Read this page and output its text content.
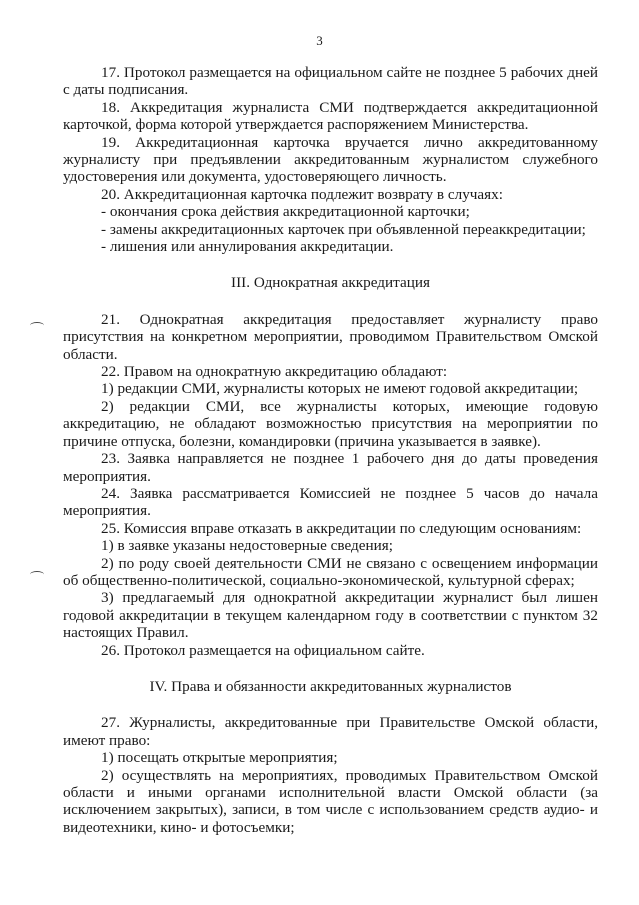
3

17. Протокол размещается на официальном сайте не позднее 5 рабочих дней с даты подписания.

18. Аккредитация журналиста СМИ подтверждается аккредитационной карточкой, форма которой утверждается распоряжением Министерства.

19. Аккредитационная карточка вручается лично аккредитованному журналисту при предъявлении аккредитованным журналистом служебного удостоверения или документа, удостоверяющего личность.

20. Аккредитационная карточка подлежит возврату в случаях:

- окончания срока действия аккредитационной карточки;

- замены аккредитационных карточек при объявленной переаккредитации;

- лишения или аннулирования аккредитации.

III. Однократная аккредитация

21. Однократная аккредитация предоставляет журналисту право присутствия на конкретном мероприятии, проводимом Правительством Омской области.

22. Правом на однократную аккредитацию обладают:

1) редакции СМИ, журналисты которых не имеют годовой аккредитации;

2) редакции СМИ, все журналисты которых, имеющие годовую аккредитацию, не обладают возможностью присутствия на мероприятии по причине отпуска, болезни, командировки (причина указывается в заявке).

23. Заявка направляется не позднее 1 рабочего дня до даты проведения мероприятия.

24. Заявка рассматривается Комиссией не позднее 5 часов до начала мероприятия.

25. Комиссия вправе отказать в аккредитации по следующим основаниям:

1) в заявке указаны недостоверные сведения;

2) по роду своей деятельности СМИ не связано с освещением информации об общественно-политической, социально-экономической, культурной сферах;

3) предлагаемый для однократной аккредитации журналист был лишен годовой аккредитации в текущем календарном году в соответствии с пунктом 32 настоящих Правил.

26. Протокол размещается на официальном сайте.

IV. Права и обязанности аккредитованных журналистов

27. Журналисты, аккредитованные при Правительстве Омской области, имеют право:

1) посещать открытые мероприятия;

2) осуществлять на мероприятиях, проводимых Правительством Омской области и иными органами исполнительной власти Омской области (за исключением закрытых), записи, в том числе с использованием средств аудио- и видеотехники, кино- и фотосъемки;
